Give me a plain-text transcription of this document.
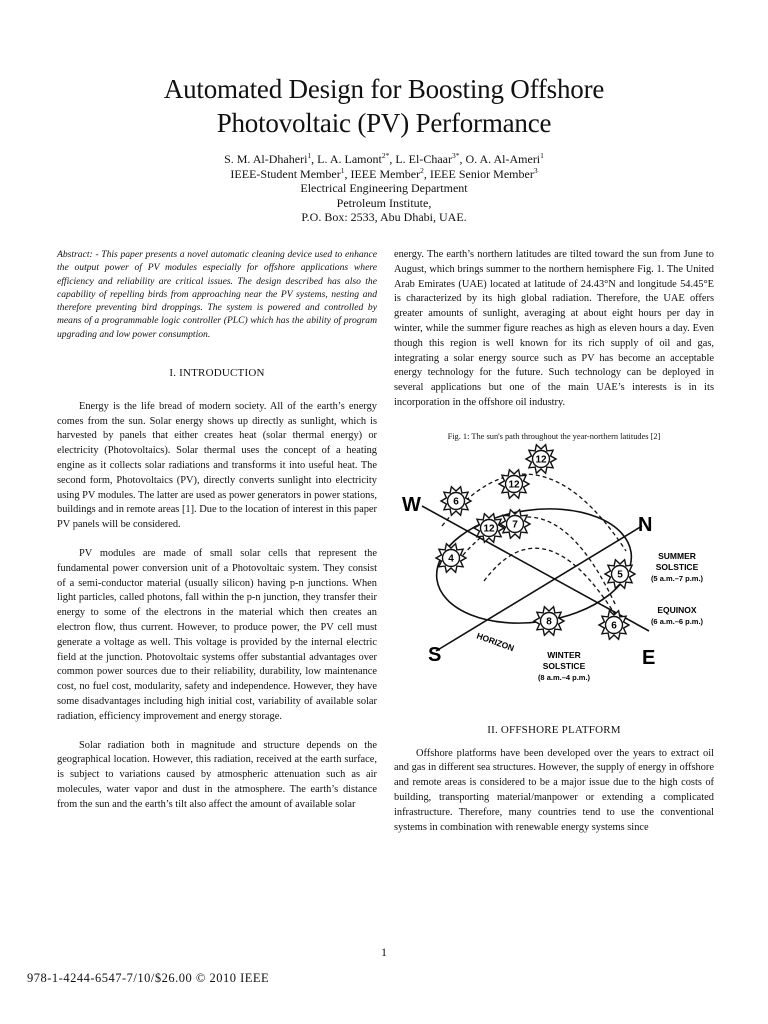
Automated Design for Boosting Offshore
Photovoltaic (PV) Performance
S. M. Al-Dhaheri$^1$, L. A. Lamont$^{2*}$, L. El-Chaar$^{3*}$, O. A. Al-Ameri$^1$
IEEE-Student Member$^1$, IEEE Member$^2$, IEEE Senior Member$^3$
Electrical Engineering Department
Petroleum Institute,
P.O. Box: 2533, Abu Dhabi, UAE.

Abstract: - This paper presents a novel automatic cleaning device used to enhance the output power of PV modules especially for offshore applications where efficiency and reliability are critical issues. The design described has also the capability of repelling birds from approaching near the PV systems, nesting and therefore preventing bird droppings. The system is powered and controlled by means of a programmable logic controller (PLC) which has the ability of program upgrading and low power consumption.

I. INTRODUCTION

Energy is the life bread of modern society. All of the earth’s energy comes from the sun. Solar energy shows up directly as sunlight, which is harvested by panels that either creates heat (solar thermal energy) or electricity (Photovoltaics). Solar thermal uses the concept of a heating engine as it collects solar radiations and transforms it into useful heat. The second form, Photovoltaics (PV), directly converts sunlight into electricity using PV modules. The latter are used as power generators in power stations, buildings and in remote areas [1]. Due to the location of interest in this paper PV panels will be considered.

PV modules are made of small solar cells that represent the fundamental power conversion unit of a Photovoltaic system. They consist of a semi-conductor material (usually silicon) having p-n junctions. When light particles, called photons, fall within the p-n junction, they transfer their energy to some of the electrons in the material which then creates an electron flow, thus current. However, to produce power, the PV cell must generate a voltage as well. This voltage is provided by the internal electric field at the junction. Photovoltaic systems offer substantial advantages over common power sources due to their reliability, durability, low maintenance cost, no fuel cost, modularity, safety and independence. However, they have some disadvantages including high initial cost, variability of available solar radiation, efficiency improvement and energy storage.

Solar radiation both in magnitude and structure depends on the geographical location. However, this radiation, received at the earth surface, is subject to variations caused by atmospheric attenuation such as air molecules, water vapor and dust in the atmosphere. The earth’s distance from the sun and the earth’s tilt also affect the amount of available solar

energy. The earth’s northern latitudes are tilted toward the sun from June to August, which brings summer to the northern hemisphere Fig. 1. The United Arab Emirates (UAE) located at latitude of 24.43°N and longitude 54.45°E is characterized by its high global radiation. Therefore, the UAE offers greater amounts of sunlight, averaging at about eight hours per day in winter, while the summer figure reaches as high as eleven hours a day. Even though this region is well known for its rich supply of oil and gas, integrating a solar energy source such as PV has become an acceptable energy technology for the future. Such technology can be deployed in several applications but one of the main UAE’s interests is in its incorporation in the offshore oil industry.

W
N
S	E
HORIZON
SUMMER
SOLSTICE
(5 a.m.–7 p.m.)
EQUINOX
(6 a.m.–6 p.m.)
WINTER
SOLSTICE
(8 a.m.–4 p.m.)
12
12
6
12 7
4
5
8	6
Fig. 1: The sun's path throughout the year-northern latitudes [2]
II. OFFSHORE PLATFORM

Offshore platforms have been developed over the years to extract oil and gas in different sea structures. However, the supply of energy in offshore and remote areas is considered to be a major issue due to the high costs of building, transporting material/manpower or extending a complicated infrastructure. Therefore, many countries tend to use the conventional systems in combination with renewable energy systems since

1
978-1-4244-6547-7/10/$26.00 © 2010 IEEE
